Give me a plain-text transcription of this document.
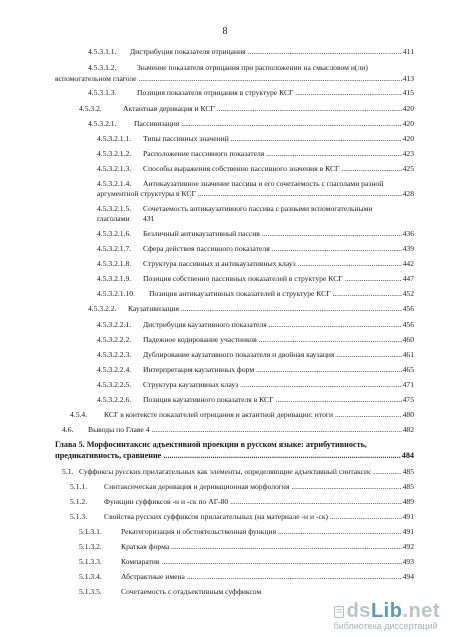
8
4.5.3.1.1. Дистрибуция показателя отрицания .....	411
4.5.3.1.2.	Значение показателя отрицания при расположении на смысловом и(ли)
вспомогательном глаголе .....	413
4.5.3.1.3.	Позиция показателя отрицания в структуре КСГ .....	415
4.5.3.2.	Актантная деривация и КСГ .....	420
4.5.3.2.1. Пассивизация .....	420
4.5.3.2.1.1. Типы пассивных значений .....	420
4.5.3.2.1.2. Расположение пассивного показателя .....	423
4.5.3.2.1.3. Способы выражения собственно пассивного значения в КСГ .....	425
4.5.3.2.1.4. Антикаузативное значение пассива и его сочетаемость с глаголами разной
аргументной структуры в КСГ .....	428
4.5.3.2.1.5. Сочетаемость антикаузативного пассива с разными вспомогательными
глаголами 431
4.5.3.2.1.6. Безличный антикаузативный пассив .....	436
4.5.3.2.1.7. Сфера действия пассивного показателя .....	439
4.5.3.2.1.8. Структура пассивных и антикаузативных клауз .....	442
4.5.3.2.1.9. Позиция собственно пассивных показателей в структуре КСГ .....	447
4.5.3.2.1.10. Позиция антикаузативных показателей в структуре КСГ .....	452
4.5.3.2.2. Каузативизация .....	456
4.5.3.2.2.1. Дистрибуция каузативного показателя .....	456
4.5.3.2.2.2. Падежное кодирование участников .....	460
4.5.3.2.2.3. Дублирование каузативного показателя и двойная каузация .....	461
4.5.3.2.2.4. Интерпретация каузативных форм .....	465
4.5.3.2.2.5. Структура каузативных клауз .....	471
4.5.3.2.2.6. Позиция каузативного показателя в КСГ .....	475
4.5.4. КСГ в контексте показателей отрицания и актантной деривации: итоги .....	480
4.6. Выводы по Главе 4 .....	482
Глава 5. Морфосинтаксис адъективной проекции в русском языке: атрибутивность,
предикативность, сравнение .....	484
5.1. Суффиксы русских прилагательных как элементы, определяющие адъективный синтаксис .....	485
5.1.1. Синтаксическая деривация и деривационная морфология .....	485
5.1.2. Функции суффиксов -н и -ск по АГ-80 .....	489
5.1.3. Свойства русских суффиксов прилагательных (на материале -н и -ск) .....	491
5.1.3.1.	Рекатегоризация и обстоятельственная функция .....	491
5.1.3.2.	Краткая форма .....	492
5.1.3.3.	Компаратив .....	493
5.1.3.4.	Абстрактные имена .....	494
5.1.3.5.	Сочетаемость с отадъективным суффиксом
dsLib.net
библиотека диссертаций
